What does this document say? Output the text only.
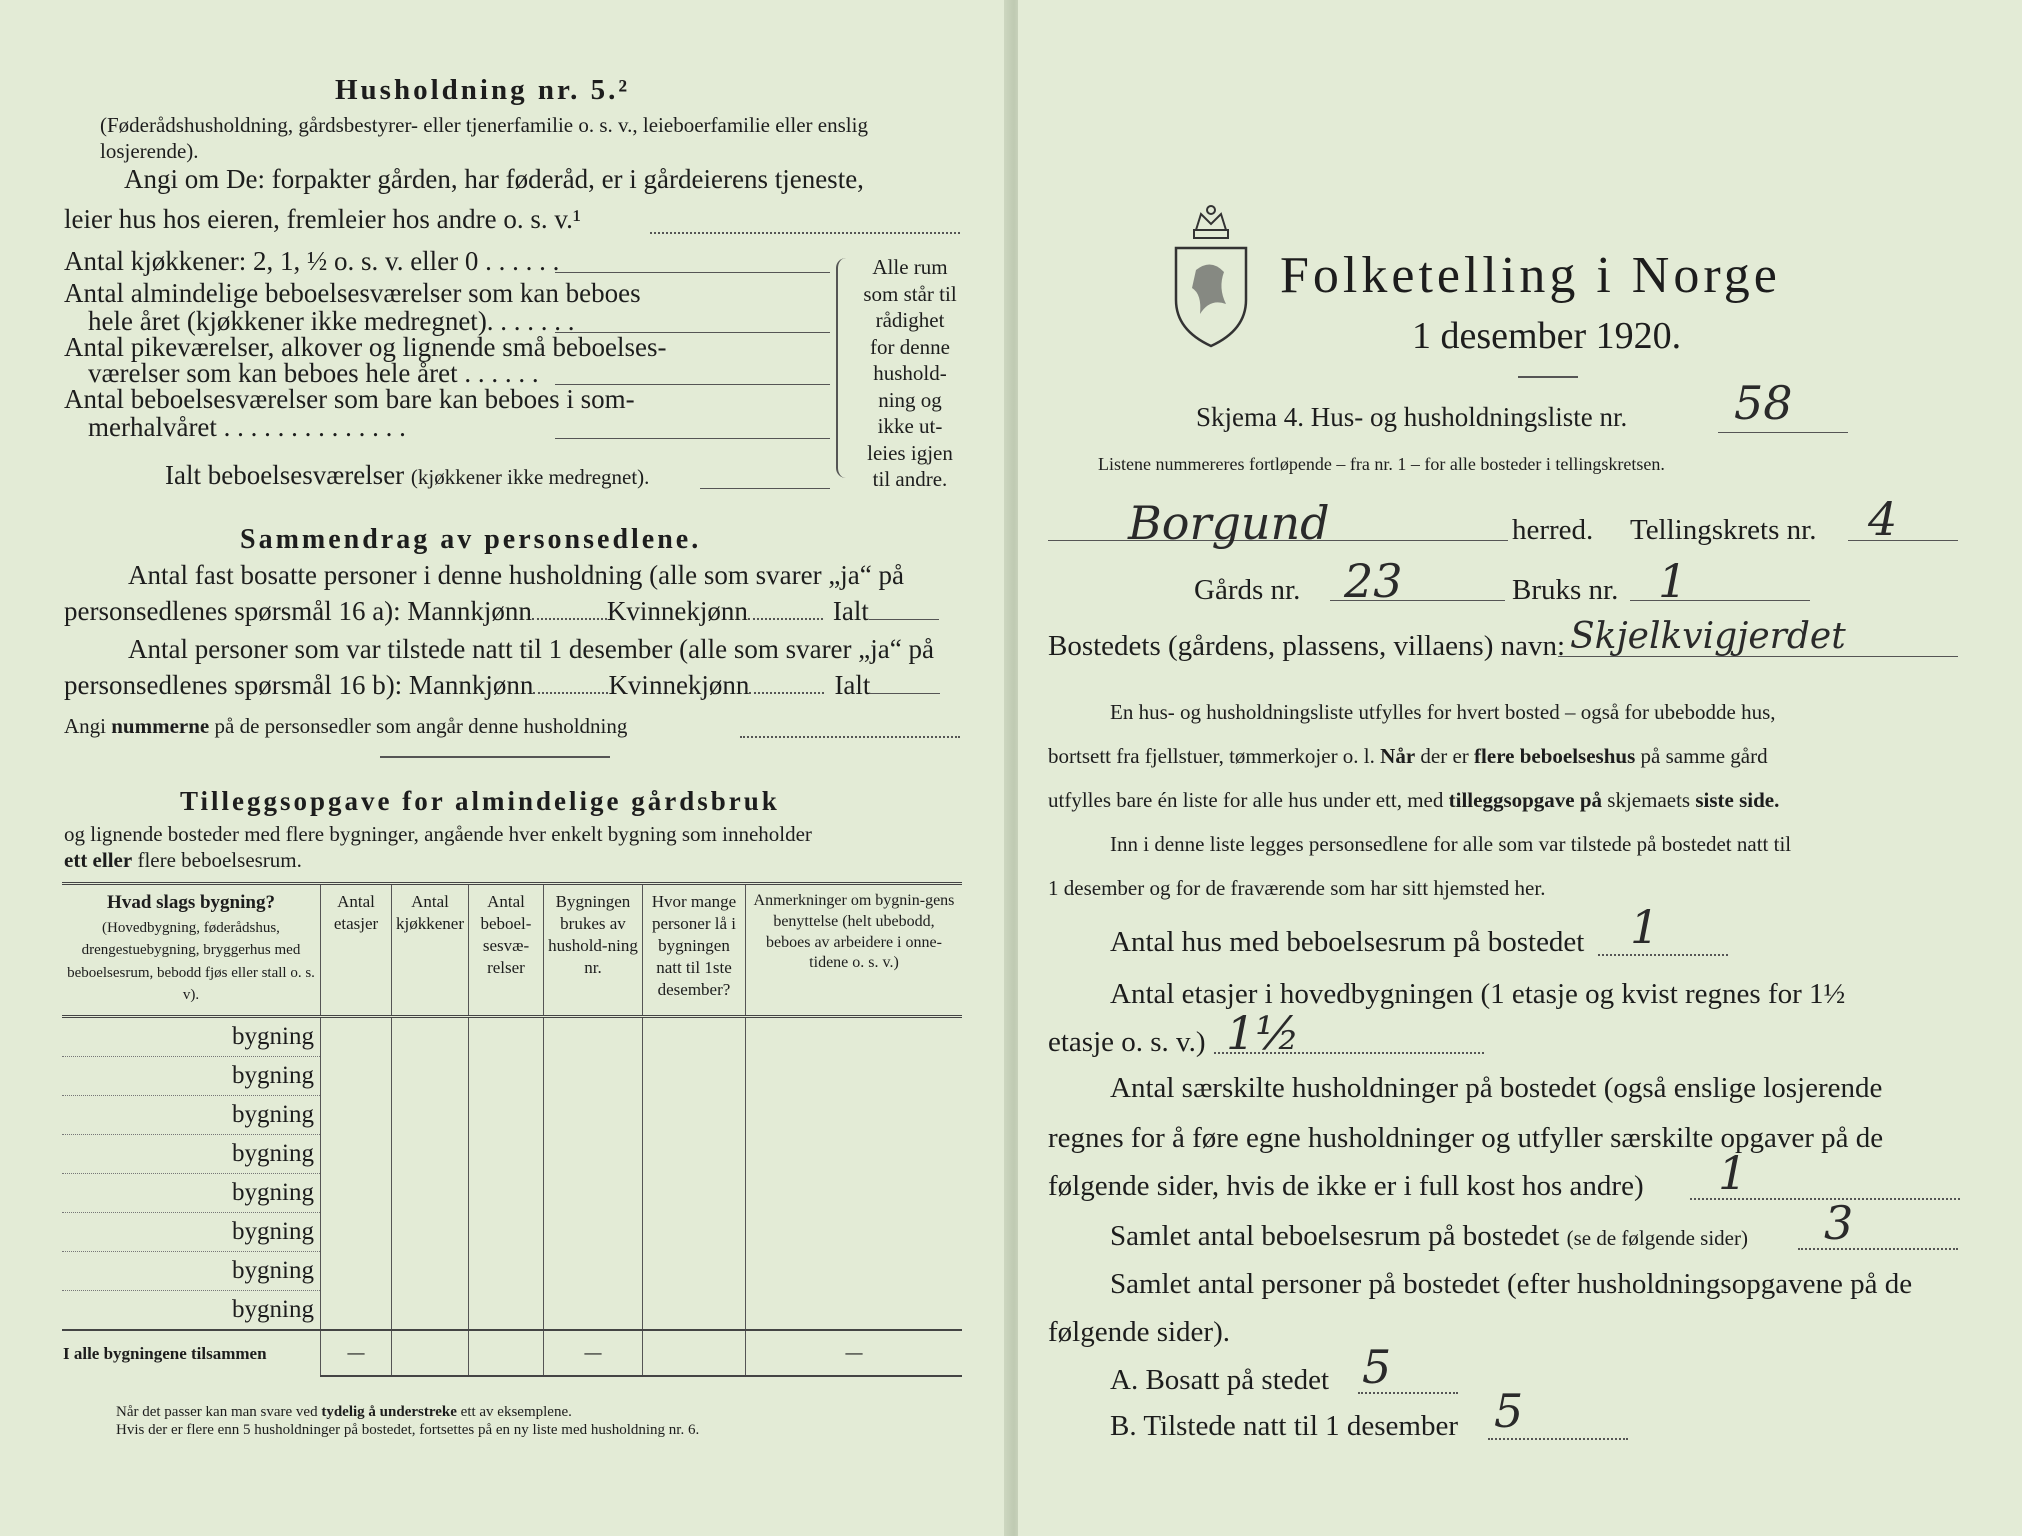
Husholdning nr. 5.²
(Føderådshusholdning, gårdsbestyrer- eller tjenerfamilie o. s. v., leieboerfamilie eller enslig losjerende).
Angi om De: forpakter gården, har føderåd, er i gårdeierens tjeneste,
leier hus hos eieren, fremleier hos andre o. s. v.¹
Antal kjøkkener: 2, 1, ½ o. s. v. eller 0 . . . . . .
Antal almindelige beboelsesværelser som kan beboes
hele året (kjøkkener ikke medregnet). . . . . . .
Antal pikeværelser, alkover og lignende små beboelses-
værelser som kan beboes hele året . . . . . .
Antal beboelsesværelser som bare kan beboes i som-
merhalvåret . . . . . . . . . . . . . .
Ialt beboelsesværelser (kjøkkener ikke medregnet).
Alle rum
som står til
rådighet
for denne
hushold-
ning og
ikke ut-
leies igjen
til andre.
Sammendrag av personsedlene.
Antal fast bosatte personer i denne husholdning (alle som svarer „ja“ på
personsedlenes spørsmål 16 a): Mannkjønn	Kvinnekjønn	Ialt
Antal personer som var tilstede natt til 1 desember (alle som svarer „ja“ på
personsedlenes spørsmål 16 b): Mannkjønn	Kvinnekjønn	Ialt
Angi nummerne på de personsedler som angår denne husholdning
Tilleggsopgave for almindelige gårdsbruk
og lignende bosteder med flere bygninger, angående hver enkelt bygning som inneholder
ett eller flere beboelsesrum.
Hvad slags bygning?
(Hovedbygning, føderådshus, drengestuebygning, bryggerhus med beboelsesrum, bebodd fjøs eller stall o. s. v).	Antal etasjer	Antal kjøkkener	Antal beboel-sesvæ-relser	Bygningen brukes av hushold-ning nr.	Hvor mange personer lå i bygningen natt til 1ste desember?	Anmerkninger om bygnin-gens benyttelse (helt ubebodd, beboes av arbeidere i onne-tidene o. s. v.)
bygning						
bygning						
bygning						
bygning						
bygning						
bygning						
bygning						
bygning						
I alle bygningene tilsammen	—			—		—
Når det passer kan man svare ved tydelig å understreke ett av eksemplene.
Hvis der er flere enn 5 husholdninger på bostedet, fortsettes på en ny liste med husholdning nr. 6.
Folketelling i Norge
1 desember 1920.
Skjema 4. Hus- og husholdningsliste nr. 58
Listene nummereres fortløpende – fra nr. 1 – for alle bosteder i tellingskretsen.
Borgund	herred. Tellingskrets nr. 4
Gårds nr. 23	Bruks nr. 1
Bostedets (gårdens, plassens, villaens) navn: Skjelkvigjerdet
En hus- og husholdningsliste utfylles for hvert bosted – også for ubebodde hus,
bortsett fra fjellstuer, tømmerkojer o. l. Når der er flere beboelseshus på samme gård
utfylles bare én liste for alle hus under ett, med tilleggsopgave på skjemaets siste side.
Inn i denne liste legges personsedlene for alle som var tilstede på bostedet natt til
1 desember og for de fraværende som har sitt hjemsted her.
Antal hus med beboelsesrum på bostedet 1
Antal etasjer i hovedbygningen (1 etasje og kvist regnes for 1½
etasje o. s. v.) 1½
Antal særskilte husholdninger på bostedet (også enslige losjerende
regnes for å føre egne husholdninger og utfyller særskilte opgaver på de
følgende sider, hvis de ikke er i full kost hos andre) 1
Samlet antal beboelsesrum på bostedet (se de følgende sider) 3
Samlet antal personer på bostedet (efter husholdningsopgavene på de
følgende sider).
A. Bosatt på stedet 5
B. Tilstede natt til 1 desember 5
